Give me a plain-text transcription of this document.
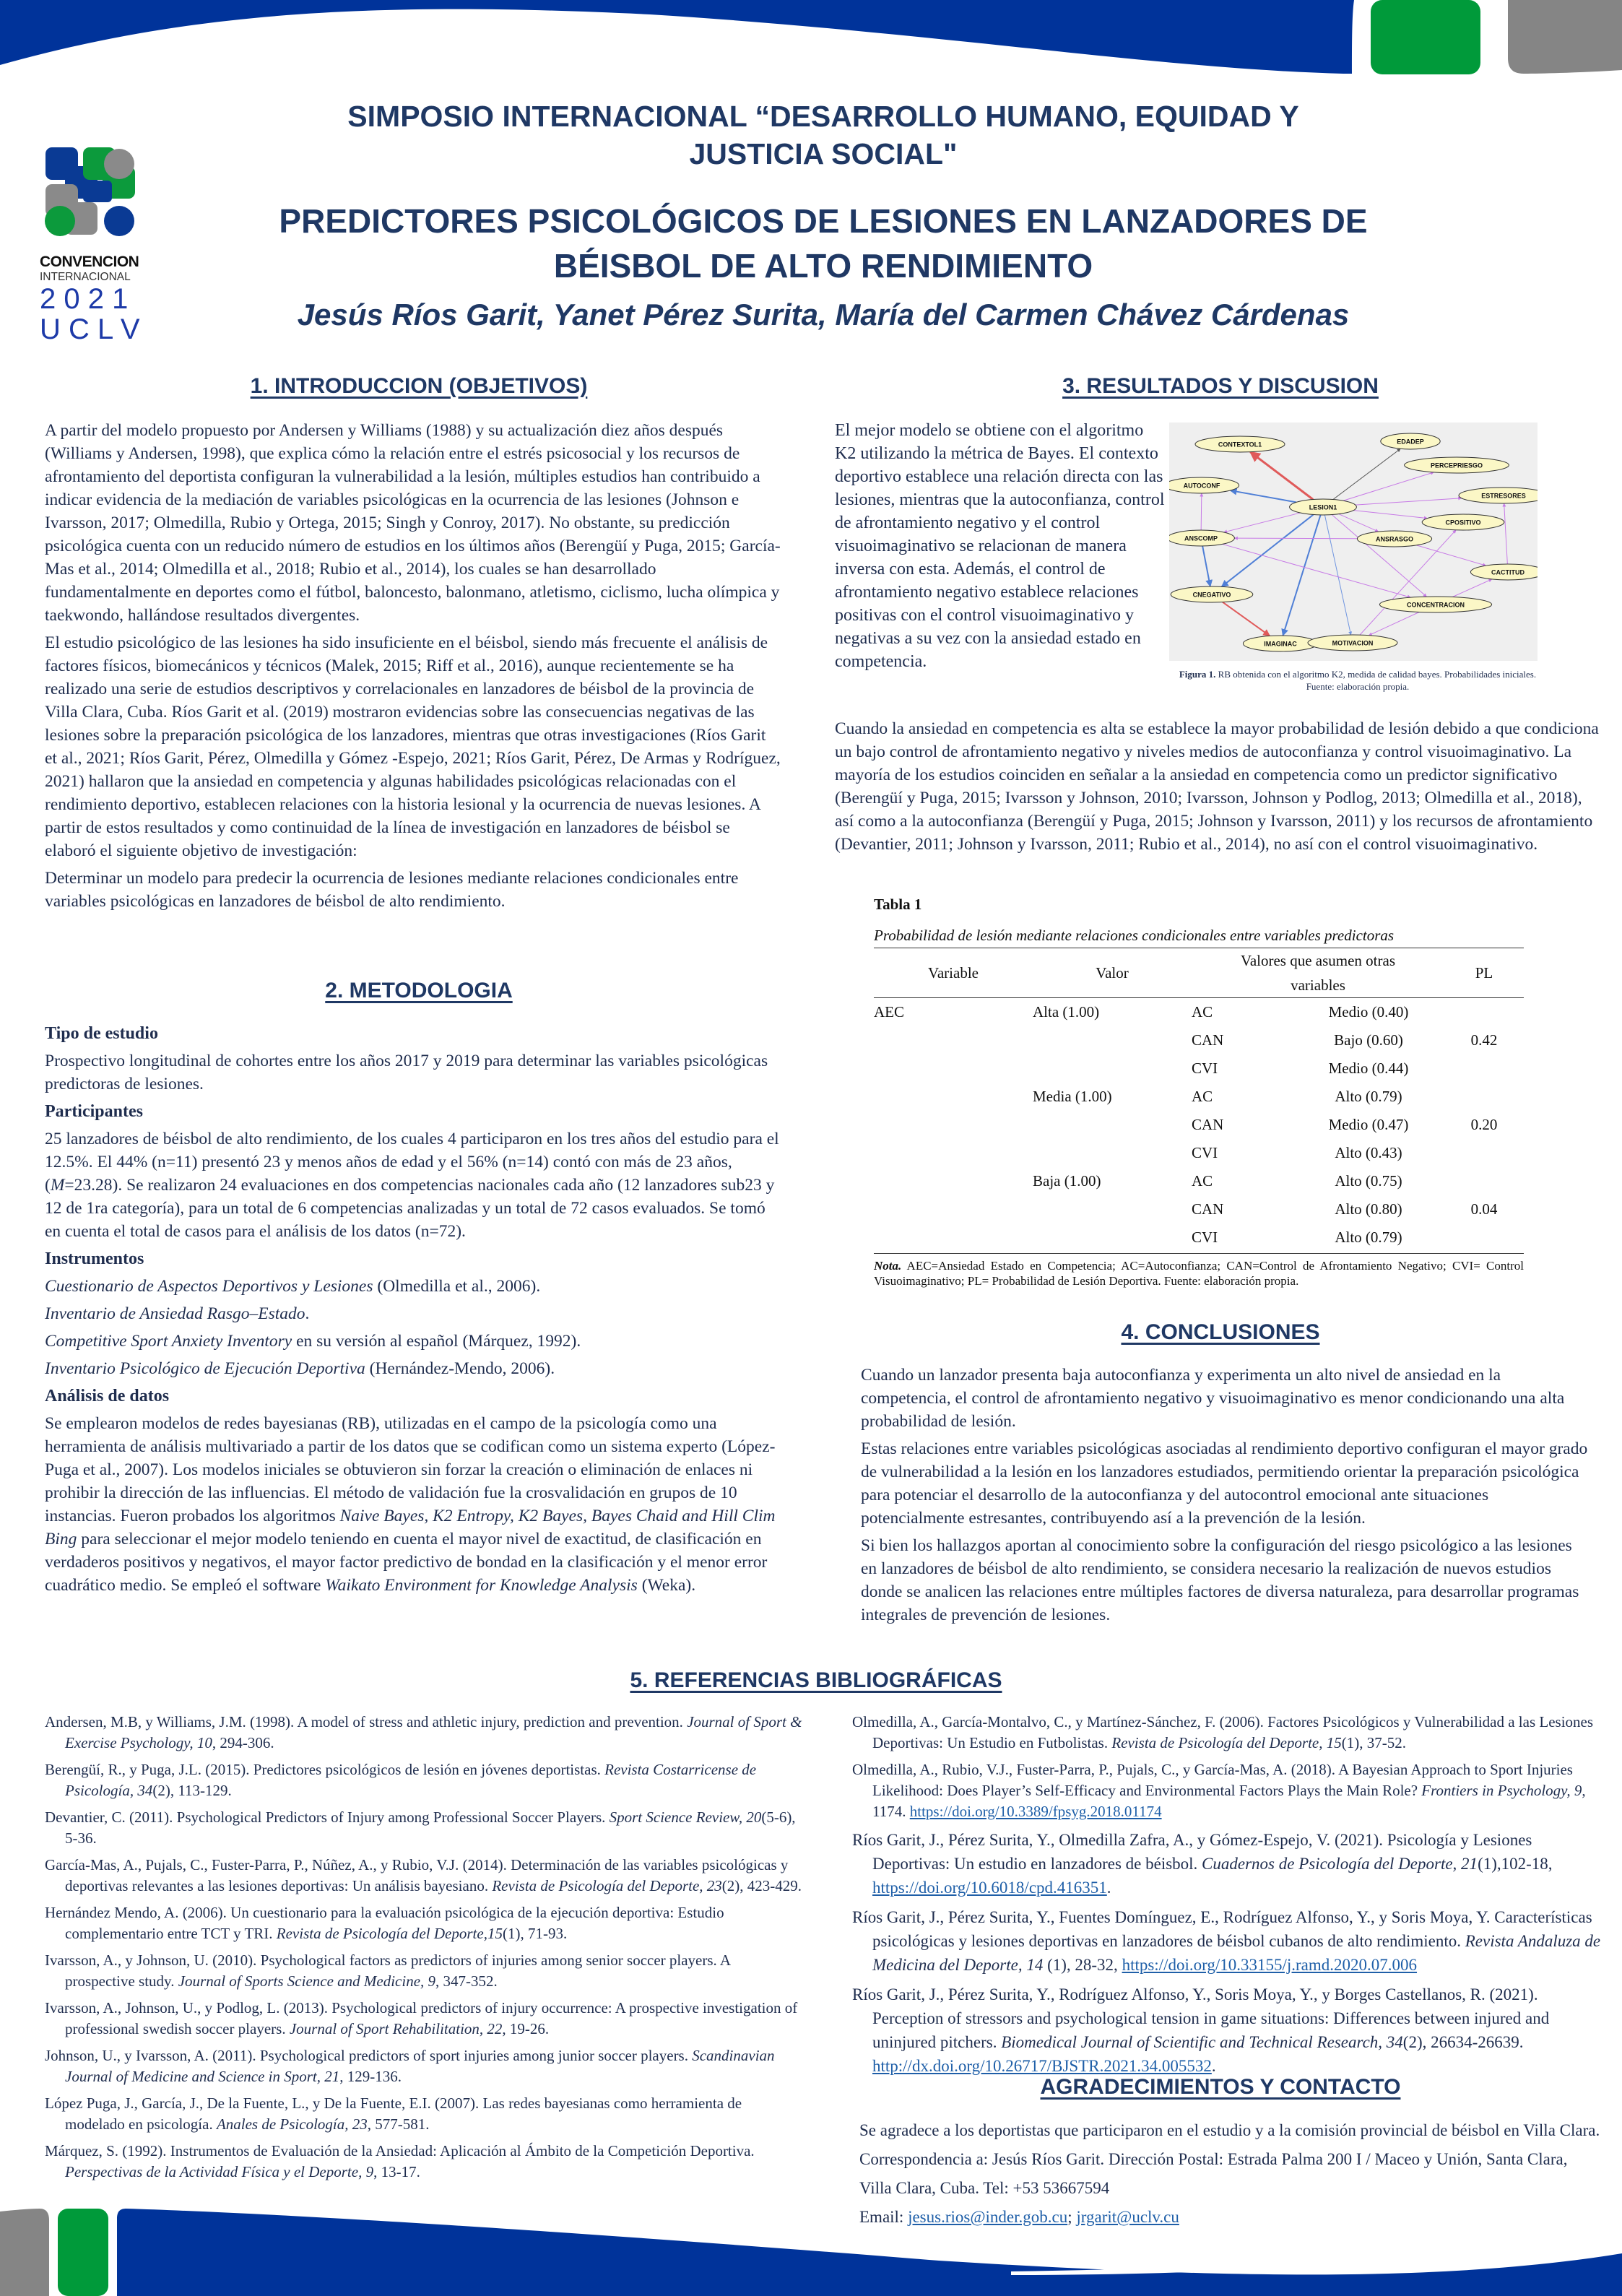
CONVENCION
INTERNACIONAL
2 0 2 1
U C L V
SIMPOSIO INTERNACIONAL “DESARROLLO HUMANO, EQUIDAD Y JUSTICIA SOCIAL"
PREDICTORES PSICOLÓGICOS DE LESIONES EN LANZADORES DE BÉISBOL DE ALTO RENDIMIENTO
Jesús Ríos Garit, Yanet Pérez Surita, María del Carmen Chávez Cárdenas
1. INTRODUCCION (OBJETIVOS)

A partir del modelo propuesto por Andersen y Williams (1988) y su actualización diez años después (Williams y Andersen, 1998), que explica cómo la relación entre el estrés psicosocial y los recursos de afrontamiento del deportista configuran la vulnerabilidad a la lesión, múltiples estudios han contribuido a indicar evidencia de la mediación de variables psicológicas en la ocurrencia de las lesiones (Johnson e Ivarsson, 2017; Olmedilla, Rubio y Ortega, 2015; Singh y Conroy, 2017). No obstante, su predicción psicológica cuenta con un reducido número de estudios en los últimos años (Berengüí y Puga, 2015; García-Mas et al., 2014; Olmedilla et al., 2018; Rubio et al., 2014), los cuales se han desarrollado fundamentalmente en deportes como el fútbol, baloncesto, balonmano, atletismo, ciclismo, lucha olímpica y taekwondo, hallándose resultados divergentes.

El estudio psicológico de las lesiones ha sido insuficiente en el béisbol, siendo más frecuente el análisis de factores físicos, biomecánicos y técnicos (Malek, 2015; Riff et al., 2016), aunque recientemente se ha realizado una serie de estudios descriptivos y correlacionales en lanzadores de béisbol de la provincia de Villa Clara, Cuba. Ríos Garit et al. (2019) mostraron evidencias sobre las consecuencias negativas de las lesiones sobre la preparación psicológica de los lanzadores, mientras que otras investigaciones (Ríos Garit et al., 2021; Ríos Garit, Pérez, Olmedilla y Gómez -Espejo, 2021; Ríos Garit, Pérez, De Armas y Rodríguez, 2021) hallaron que la ansiedad en competencia y algunas habilidades psicológicas relacionadas con el rendimiento deportivo, establecen relaciones con la historia lesional y la ocurrencia de nuevas lesiones. A partir de estos resultados y como continuidad de la línea de investigación en lanzadores de béisbol se elaboró el siguiente objetivo de investigación:

Determinar un modelo para predecir la ocurrencia de lesiones mediante relaciones condicionales entre variables psicológicas en lanzadores de béisbol de alto rendimiento.

2. METODOLOGIA

Tipo de estudio

Prospectivo longitudinal de cohortes entre los años 2017 y 2019 para determinar las variables psicológicas predictoras de lesiones.

Participantes

25 lanzadores de béisbol de alto rendimiento, de los cuales 4 participaron en los tres años del estudio para el 12.5%. El 44% (n=11) presentó 23 y menos años de edad y el 56% (n=14) contó con más de 23 años, (M=23.28). Se realizaron 24 evaluaciones en dos competencias nacionales cada año (12 lanzadores sub23 y 12 de 1ra categoría), para un total de 6 competencias analizadas y un total de 72 casos evaluados. Se tomó en cuenta el total de casos para el análisis de los datos (n=72).

Instrumentos

Cuestionario de Aspectos Deportivos y Lesiones (Olmedilla et al., 2006).

Inventario de Ansiedad Rasgo–Estado.

Competitive Sport Anxiety Inventory en su versión al español (Márquez, 1992).

Inventario Psicológico de Ejecución Deportiva (Hernández-Mendo, 2006).

Análisis de datos

Se emplearon modelos de redes bayesianas (RB), utilizadas en el campo de la psicología como una herramienta de análisis multivariado a partir de los datos que se codifican como un sistema experto (López-Puga et al., 2007). Los modelos iniciales se obtuvieron sin forzar la creación o eliminación de enlaces ni prohibir la dirección de las influencias. El método de validación fue la crosvalidación en grupos de 10 instancias. Fueron probados los algoritmos Naive Bayes, K2 Entropy, K2 Bayes, Bayes Chaid and Hill Clim Bing para seleccionar el mejor modelo teniendo en cuenta el mayor nivel de exactitud, de clasificación en verdaderos positivos y negativos, el mayor factor predictivo de bondad en la clasificación y el menor error cuadrático medio. Se empleó el software Waikato Environment for Knowledge Analysis (Weka).

3. RESULTADOS Y DISCUSION
El mejor modelo se obtiene con el algoritmo K2 utilizando la métrica de Bayes. El contexto deportivo establece una relación directa con las lesiones, mientras que la autoconfianza, control de afrontamiento negativo y el control visuoimaginativo se relacionan de manera inversa con esta. Además, el control de afrontamiento negativo establece relaciones positivas con el control visuoimaginativo y negativas a su vez con la ansiedad estado en competencia.
CONTEXTOL1	EDADEP
PERCEPRIESGO
AUTOCONF
ESTRESORES
LESION1
CPOSITIVO
ANSCOMP	ANSRASGO
CACTITUD
CNEGATIVO
CONCENTRACION
IMAGINAC	MOTIVACION
Figura 1. RB obtenida con el algoritmo K2, medida de calidad bayes. Probabilidades iniciales.
Fuente: elaboración propia.
Cuando la ansiedad en competencia es alta se establece la mayor probabilidad de lesión debido a que condiciona un bajo control de afrontamiento negativo y niveles medios de autoconfianza y control visuoimaginativo. La mayoría de los estudios coinciden en señalar a la ansiedad en competencia como un predictor significativo (Berengüí y Puga, 2015; Ivarsson y Johnson, 2010; Ivarsson, Johnson y Podlog, 2013; Olmedilla et al., 2018), así como a la autoconfianza (Berengüí y Puga, 2015; Johnson y Ivarsson, 2011) y los recursos de afrontamiento (Devantier, 2011; Johnson y Ivarsson, 2011; Rubio et al., 2014), no así con el control visuoimaginativo.
Tabla 1
Probabilidad de lesión mediante relaciones condicionales entre variables predictoras
Variable	Valor	Valores que asumen otras		PL
		variables		
AEC	Alta (1.00)	AC	Medio (0.40)	
		CAN	Bajo (0.60)	0.42
		CVI	Medio (0.44)	
	Media (1.00)	AC	Alto (0.79)	
		CAN	Medio (0.47)	0.20
		CVI	Alto (0.43)	
	Baja (1.00)	AC	Alto (0.75)	
		CAN	Alto (0.80)	0.04
		CVI	Alto (0.79)	
Nota. AEC=Ansiedad Estado en Competencia; AC=Autoconfianza; CAN=Control de Afrontamiento Negativo; CVI= Control Visuoimaginativo; PL= Probabilidad de Lesión Deportiva. Fuente: elaboración propia.
4. CONCLUSIONES

Cuando un lanzador presenta baja autoconfianza y experimenta un alto nivel de ansiedad en la competencia, el control de afrontamiento negativo y visuoimaginativo es menor condicionando una alta probabilidad de lesión.

Estas relaciones entre variables psicológicas asociadas al rendimiento deportivo configuran el mayor grado de vulnerabilidad a la lesión en los lanzadores estudiados, permitiendo orientar la preparación psicológica para potenciar el desarrollo de la autoconfianza y del autocontrol emocional ante situaciones potencialmente estresantes, contribuyendo así a la prevención de la lesión.

Si bien los hallazgos aportan al conocimiento sobre la configuración del riesgo psicológico a las lesiones en lanzadores de béisbol de alto rendimiento, se considera necesario la realización de nuevos estudios donde se analicen las relaciones entre múltiples factores de diversa naturaleza, para desarrollar programas integrales de prevención de lesiones.

5. REFERENCIAS BIBLIOGRÁFICAS

Andersen, M.B, y Williams, J.M. (1998). A model of stress and athletic injury, prediction and prevention. Journal of Sport & Exercise Psychology, 10, 294-306.

Berengüí, R., y Puga, J.L. (2015). Predictores psicológicos de lesión en jóvenes deportistas. Revista Costarricense de Psicología, 34(2), 113-129.

Devantier, C. (2011). Psychological Predictors of Injury among Professional Soccer Players. Sport Science Review, 20(5-6), 5-36.

García-Mas, A., Pujals, C., Fuster-Parra, P., Núñez, A., y Rubio, V.J. (2014). Determinación de las variables psicológicas y deportivas relevantes a las lesiones deportivas: Un análisis bayesiano. Revista de Psicología del Deporte, 23(2), 423-429.

Hernández Mendo, A. (2006). Un cuestionario para la evaluación psicológica de la ejecución deportiva: Estudio complementario entre TCT y TRI. Revista de Psicología del Deporte,15(1), 71-93.

Ivarsson, A., y Johnson, U. (2010). Psychological factors as predictors of injuries among senior soccer players. A prospective study. Journal of Sports Science and Medicine, 9, 347-352.

Ivarsson, A., Johnson, U., y Podlog, L. (2013). Psychological predictors of injury occurrence: A prospective investigation of professional swedish soccer players. Journal of Sport Rehabilitation, 22, 19-26.

Johnson, U., y Ivarsson, A. (2011). Psychological predictors of sport injuries among junior soccer players. Scandinavian Journal of Medicine and Science in Sport, 21, 129-136.

López Puga, J., García, J., De la Fuente, L., y De la Fuente, E.I. (2007). Las redes bayesianas como herramienta de modelado en psicología. Anales de Psicología, 23, 577-581.

Márquez, S. (1992). Instrumentos de Evaluación de la Ansiedad: Aplicación al Ámbito de la Competición Deportiva. Perspectivas de la Actividad Física y el Deporte, 9, 13-17.

Olmedilla, A., García-Montalvo, C., y Martínez-Sánchez, F. (2006). Factores Psicológicos y Vulnerabilidad a las Lesiones Deportivas: Un Estudio en Futbolistas. Revista de Psicología del Deporte, 15(1), 37-52.

Olmedilla, A., Rubio, V.J., Fuster-Parra, P., Pujals, C., y García-Mas, A. (2018). A Bayesian Approach to Sport Injuries Likelihood: Does Player’s Self-Efficacy and Environmental Factors Plays the Main Role? Frontiers in Psychology, 9, 1174. https://doi.org/10.3389/fpsyg.2018.01174

Ríos Garit, J., Pérez Surita, Y., Olmedilla Zafra, A., y Gómez-Espejo, V. (2021). Psicología y Lesiones Deportivas: Un estudio en lanzadores de béisbol. Cuadernos de Psicología del Deporte, 21(1),102-18, https://doi.org/10.6018/cpd.416351.

Ríos Garit, J., Pérez Surita, Y., Fuentes Domínguez, E., Rodríguez Alfonso, Y., y Soris Moya, Y. Características psicológicas y lesiones deportivas en lanzadores de béisbol cubanos de alto rendimiento. Revista Andaluza de Medicina del Deporte, 14 (1), 28-32, https://doi.org/10.33155/j.ramd.2020.07.006

Ríos Garit, J., Pérez Surita, Y., Rodríguez Alfonso, Y., Soris Moya, Y., y Borges Castellanos, R. (2021). Perception of stressors and psychological tension in game situations: Differences between injured and uninjured pitchers. Biomedical Journal of Scientific and Technical Research, 34(2), 26634-26639. http://dx.doi.org/10.26717/BJSTR.2021.34.005532.

AGRADECIMIENTOS Y CONTACTO
Se agradece a los deportistas que participaron en el estudio y a la comisión provincial de béisbol en Villa Clara. Correspondencia a: Jesús Ríos Garit. Dirección Postal: Estrada Palma 200 I / Maceo y Unión, Santa Clara, Villa Clara, Cuba. Tel: +53 53667594
Email: jesus.rios@inder.gob.cu; jrgarit@uclv.cu
